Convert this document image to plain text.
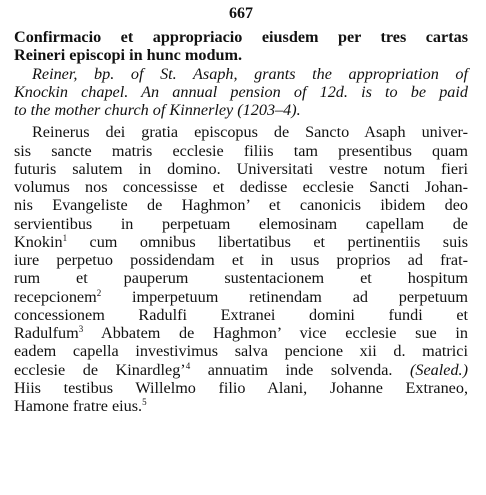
667
Confirmacio et appropriacio eiusdem per tres cartas
Reineri episcopi in hunc modum.
Reiner, bp. of St. Asaph, grants the appropriation of
Knockin chapel. An annual pension of 12d. is to be paid
to the mother church of Kinnerley (1203–4).
Reinerus dei gratia episcopus de Sancto Asaph univer-
sis sancte matris ecclesie filiis tam presentibus quam
futuris salutem in domino. Universitati vestre notum fieri
volumus nos concessisse et dedisse ecclesie Sancti Johan-
nis Evangeliste de Haghmon’ et canonicis ibidem deo
servientibus in perpetuam elemosinam capellam de
Knokin$^1$ cum omnibus libertatibus et pertinentiis suis
iure perpetuo possidendam et in usus proprios ad frat-
rum et pauperum sustentacionem et hospitum
recepcionem$^2$ imperpetuum retinendam ad perpetuum
concessionem Radulfi Extranei domini fundi et
Radulfum$^3$ Abbatem de Haghmon’ vice ecclesie sue in
eadem capella investivimus salva pencione xii d. matrici
ecclesie de Kinardleg’$^4$ annuatim inde solvenda. (Sealed.)
Hiis testibus Willelmo filio Alani, Johanne Extraneo,
Hamone fratre eius.$^5$
